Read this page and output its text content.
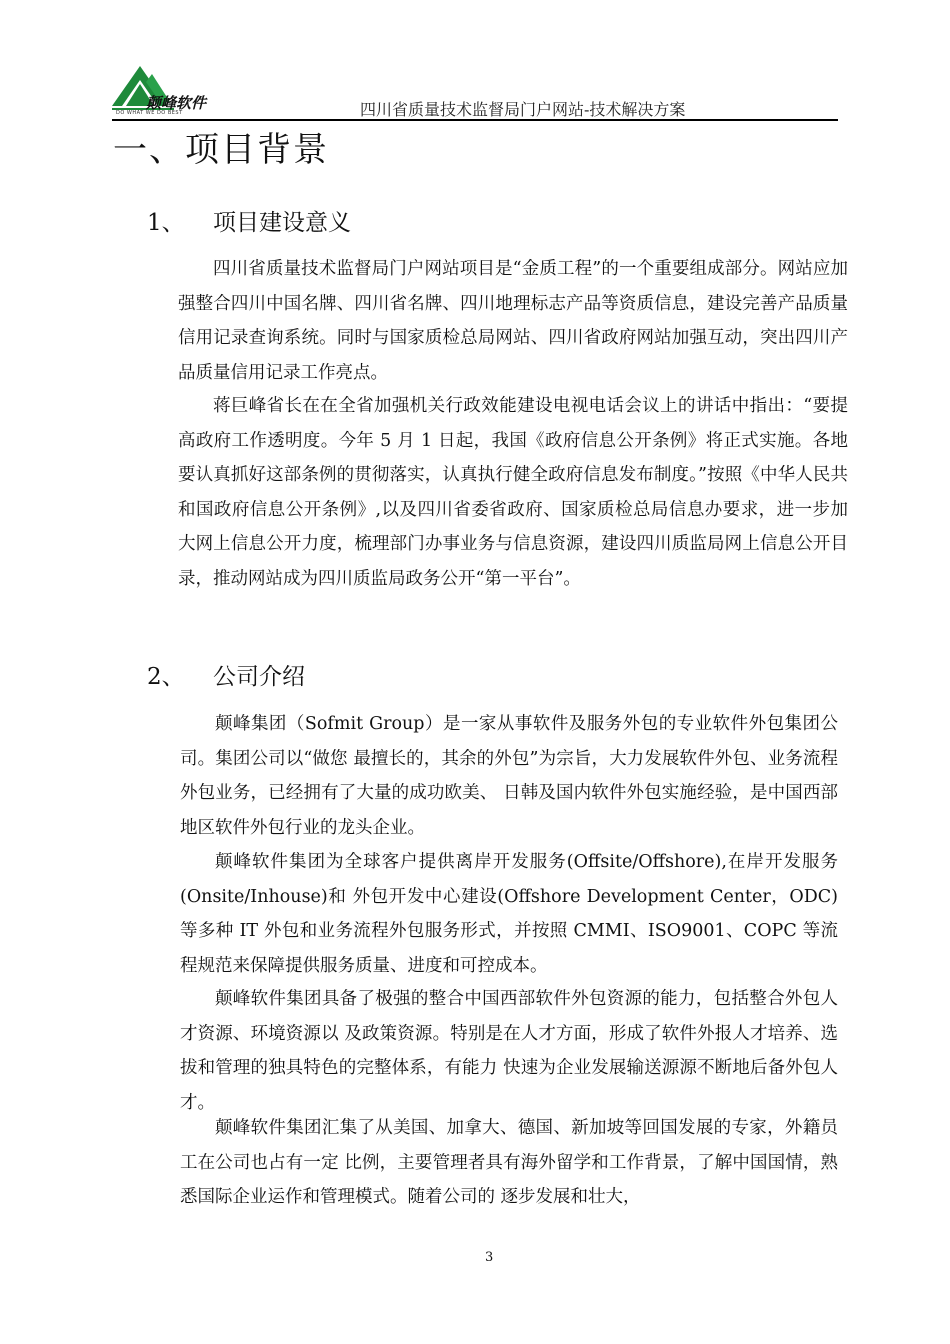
颠峰软件
DO WHAT WE DO BEST	四川省质量技术监督局门户网站-技术解决方案
一、项目背景
1、 项目建设意义

四川省质量技术监督局门户网站项目是“金质工程”的一个重要组成部分。网站应加强整合四川中国名牌、四川省名牌、四川地理标志产品等资质信息，建设完善产品质量信用记录查询系统。同时与国家质检总局网站、四川省政府网站加强互动，突出四川产品质量信用记录工作亮点。

蒋巨峰省长在在全省加强机关行政效能建设电视电话会议上的讲话中指出：“要提高政府工作透明度。今年 5 月 1 日起，我国《政府信息公开条例》将正式实施。各地要认真抓好这部条例的贯彻落实，认真执行健全政府信息发布制度。”按照《中华人民共和国政府信息公开条例》,以及四川省委省政府、国家质检总局信息办要求，进一步加大网上信息公开力度，梳理部门办事业务与信息资源，建设四川质监局网上信息公开目录，推动网站成为四川质监局政务公开“第一平台”。

2、 公司介绍

颠峰集团（Sofmit Group）是一家从事软件及服务外包的专业软件外包集团公司。集团公司以“做您 最擅长的，其余的外包”为宗旨，大力发展软件外包、业务流程外包业务，已经拥有了大量的成功欧美、 日韩及国内软件外包实施经验，是中国西部地区软件外包行业的龙头企业。

颠峰软件集团为全球客户提供离岸开发服务(Offsite/Offshore),在岸开发服务(Onsite/Inhouse)和 外包开发中心建设(Offshore Development Center，ODC)等多种 IT 外包和业务流程外包服务形式，并按照 CMMI、ISO9001、COPC 等流程规范来保障提供服务质量、进度和可控成本。

颠峰软件集团具备了极强的整合中国西部软件外包资源的能力，包括整合外包人才资源、环境资源以 及政策资源。特别是在人才方面，形成了软件外报人才培养、选拔和管理的独具特色的完整体系，有能力 快速为企业发展输送源源不断地后备外包人才。

颠峰软件集团汇集了从美国、加拿大、德国、新加坡等回国发展的专家，外籍员工在公司也占有一定 比例，主要管理者具有海外留学和工作背景，了解中国国情，熟悉国际企业运作和管理模式。随着公司的 逐步发展和壮大，

3
